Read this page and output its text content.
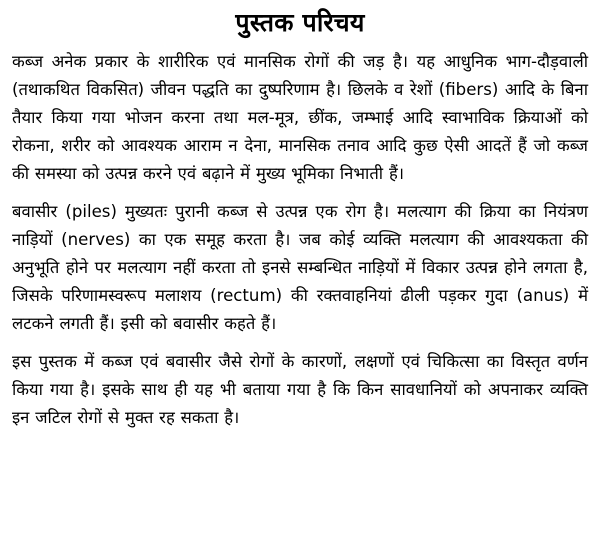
पुस्तक परिचय

कब्ज अनेक प्रकार के शारीरिक एवं मानसिक रोगों की जड़ है। यह आधुनिक भाग-दौड़वाली (तथाकथित विकसित) जीवन पद्धति का दुष्परिणाम है। छिलके व रेशों (fibers) आदि के बिना तैयार किया गया भोजन करना तथा मल-मूत्र, छींक, जम्भाई आदि स्वाभाविक क्रियाओं को रोकना, शरीर को आवश्यक आराम न देना, मानसिक तनाव आदि कुछ ऐसी आदतें हैं जो कब्ज की समस्या को उत्पन्न करने एवं बढ़ाने में मुख्य भूमिका निभाती हैं।

बवासीर (piles) मुख्यतः पुरानी कब्ज से उत्पन्न एक रोग है। मलत्याग की क्रिया का नियंत्रण नाड़ियों (nerves) का एक समूह करता है। जब कोई व्यक्ति मलत्याग की आवश्यकता की अनुभूति होने पर मलत्याग नहीं करता तो इनसे सम्बन्धित नाड़ियों में विकार उत्पन्न होने लगता है, जिसके परिणामस्वरूप मलाशय (rectum) की रक्तवाहनियां ढीली पड़कर गुदा (anus) में लटकने लगती हैं। इसी को बवासीर कहते हैं।

इस पुस्तक में कब्ज एवं बवासीर जैसे रोगों के कारणों, लक्षणों एवं चिकित्सा का विस्तृत वर्णन किया गया है। इसके साथ ही यह भी बताया गया है कि किन सावधानियों को अपनाकर व्यक्ति इन जटिल रोगों से मुक्त रह सकता है।
